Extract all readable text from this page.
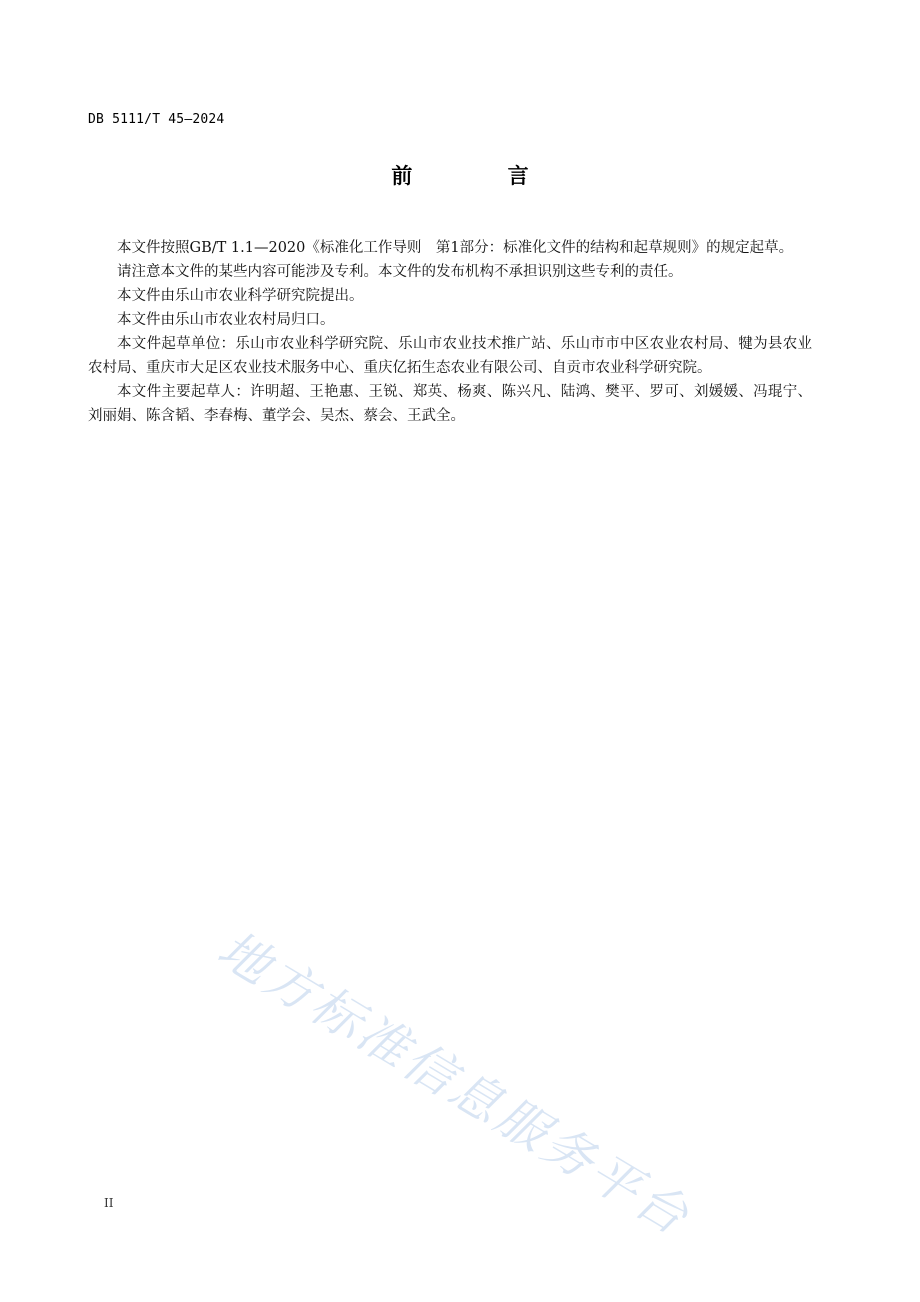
DB 5111/T 45—2024
前 言

本文件按照GB/T 1.1—2020《标准化工作导则　第1部分：标准化文件的结构和起草规则》的规定起草。

请注意本文件的某些内容可能涉及专利。本文件的发布机构不承担识别这些专利的责任。

本文件由乐山市农业科学研究院提出。

本文件由乐山市农业农村局归口。

本文件起草单位：乐山市农业科学研究院、乐山市农业技术推广站、乐山市市中区农业农村局、犍为县农业农村局、重庆市大足区农业技术服务中心、重庆亿拓生态农业有限公司、自贡市农业科学研究院。

本文件主要起草人：许明超、王艳惠、王锐、郑英、杨爽、陈兴凡、陆鸿、樊平、罗可、刘媛媛、冯琨宁、刘丽娟、陈含韬、李春梅、董学会、吴杰、蔡会、王武全。

地方标准信息服务平台
II
